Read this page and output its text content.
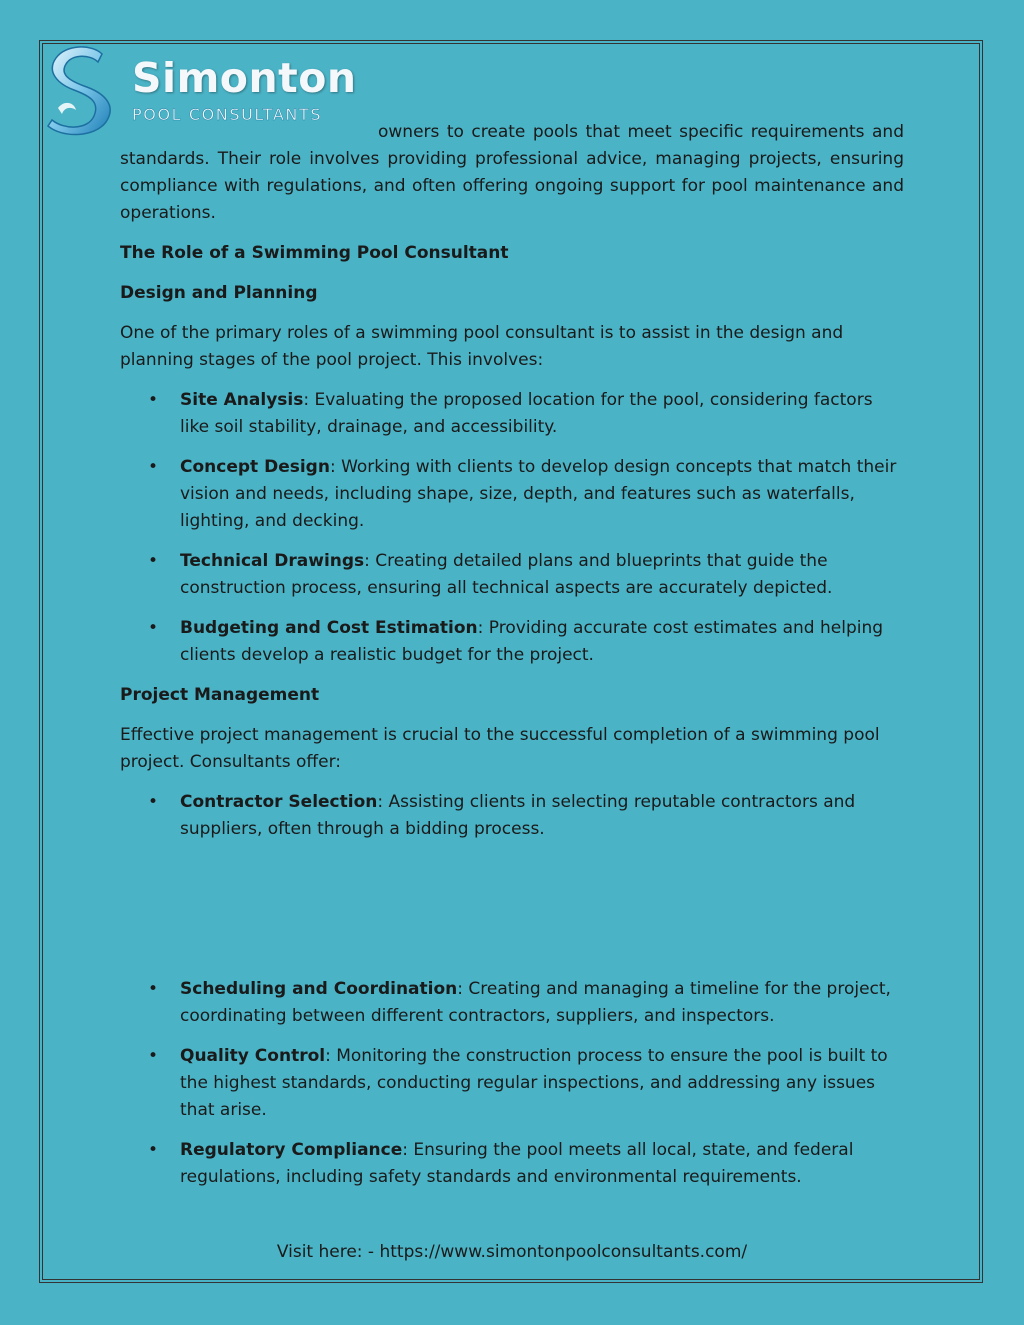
Simonton
POOL CONSULTANTS

owners to create pools that meet specific requirements and standards. Their role involves providing professional advice, managing projects, ensuring compliance with regulations, and often offering ongoing support for pool maintenance and operations.

The Role of a Swimming Pool Consultant

Design and Planning

One of the primary roles of a swimming pool consultant is to assist in the design and planning stages of the pool project. This involves:

• Site Analysis: Evaluating the proposed location for the pool, considering factors like soil stability, drainage, and accessibility.
• Concept Design: Working with clients to develop design concepts that match their vision and needs, including shape, size, depth, and features such as waterfalls, lighting, and decking.
• Technical Drawings: Creating detailed plans and blueprints that guide the construction process, ensuring all technical aspects are accurately depicted.
• Budgeting and Cost Estimation: Providing accurate cost estimates and helping clients develop a realistic budget for the project.

Project Management

Effective project management is crucial to the successful completion of a swimming pool project. Consultants offer:

• Contractor Selection: Assisting clients in selecting reputable contractors and suppliers, often through a bidding process.
• Scheduling and Coordination: Creating and managing a timeline for the project, coordinating between different contractors, suppliers, and inspectors.
• Quality Control: Monitoring the construction process to ensure the pool is built to the highest standards, conducting regular inspections, and addressing any issues that arise.
• Regulatory Compliance: Ensuring the pool meets all local, state, and federal regulations, including safety standards and environmental requirements.
Visit here: - https://www.simontonpoolconsultants.com/
